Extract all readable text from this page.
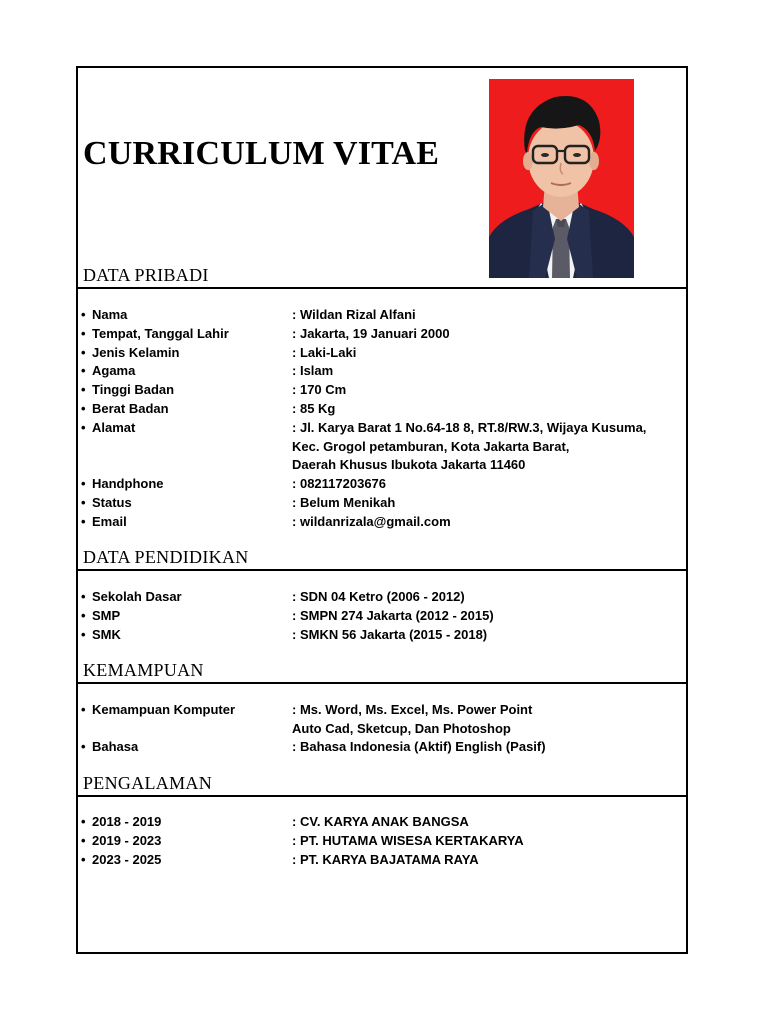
CURRICULUM VITAE
DATA PRIBADI
• Nama	: Wildan Rizal Alfani
• Tempat, Tanggal Lahir	: Jakarta, 19 Januari 2000
• Jenis Kelamin	: Laki-Laki
• Agama	: Islam
• Tinggi Badan	: 170 Cm
• Berat Badan	: 85 Kg
• Alamat	: Jl. Karya Barat 1 No.64-18 8, RT.8/RW.3, Wijaya Kusuma,
Kec. Grogol petamburan, Kota Jakarta Barat,
Daerah Khusus Ibukota Jakarta 11460
• Handphone	: 082117203676
• Status	: Belum Menikah
• Email	: wildanrizala@gmail.com
DATA PENDIDIKAN
• Sekolah Dasar	: SDN 04 Ketro (2006 - 2012)
• SMP	: SMPN 274 Jakarta (2012 - 2015)
• SMK	: SMKN 56 Jakarta (2015 - 2018)
KEMAMPUAN
• Kemampuan Komputer	: Ms. Word, Ms. Excel, Ms. Power Point
Auto Cad, Sketcup, Dan Photoshop
• Bahasa	: Bahasa Indonesia (Aktif) English (Pasif)
PENGALAMAN
• 2018 - 2019	: CV. KARYA ANAK BANGSA
• 2019 - 2023	: PT. HUTAMA WISESA KERTAKARYA
• 2023 - 2025	: PT. KARYA BAJATAMA RAYA
